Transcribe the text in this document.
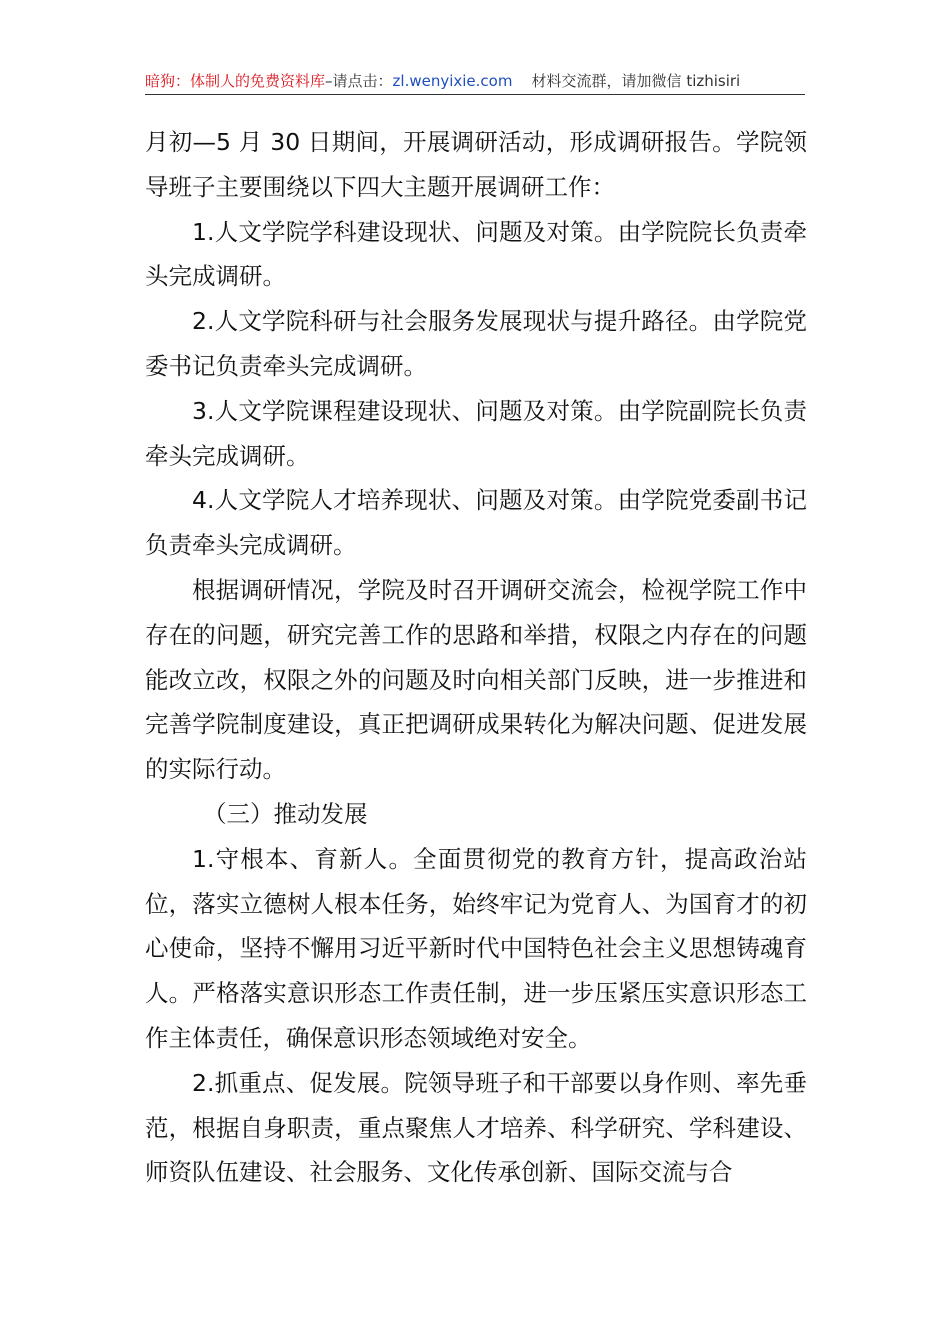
暗狗：体制人的免费资料库–请点击：zl.wenyixie.com 材料交流群，请加微信 tizhisiri

月初—5 月 30 日期间，开展调研活动，形成调研报告。学院领导班子主要围绕以下四大主题开展调研工作：

1.人文学院学科建设现状、问题及对策。由学院院长负责牵头完成调研。

2.人文学院科研与社会服务发展现状与提升路径。由学院党委书记负责牵头完成调研。

3.人文学院课程建设现状、问题及对策。由学院副院长负责牵头完成调研。

4.人文学院人才培养现状、问题及对策。由学院党委副书记负责牵头完成调研。

根据调研情况，学院及时召开调研交流会，检视学院工作中存在的问题，研究完善工作的思路和举措，权限之内存在的问题能改立改，权限之外的问题及时向相关部门反映，进一步推进和完善学院制度建设，真正把调研成果转化为解决问题、促进发展的实际行动。

（三）推动发展

1.守根本、育新人。全面贯彻党的教育方针，提高政治站位，落实立德树人根本任务，始终牢记为党育人、为国育才的初心使命，坚持不懈用习近平新时代中国特色社会主义思想铸魂育人。严格落实意识形态工作责任制，进一步压紧压实意识形态工作主体责任，确保意识形态领域绝对安全。

2.抓重点、促发展。院领导班子和干部要以身作则、率先垂范，根据自身职责，重点聚焦人才培养、科学研究、学科建设、师资队伍建设、社会服务、文化传承创新、国际交流与合
